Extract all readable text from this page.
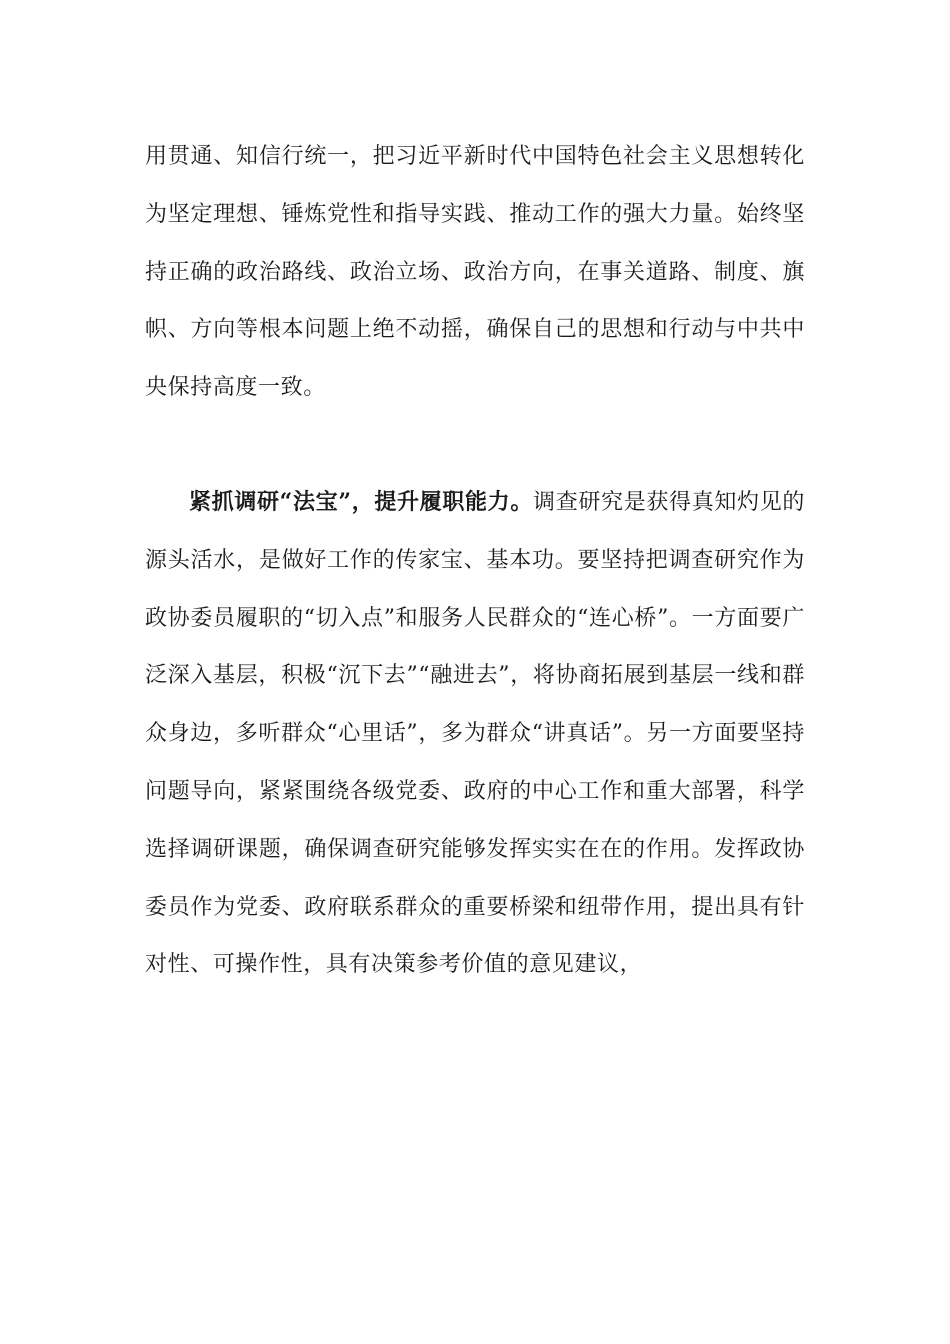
用贯通、知信行统一，把习近平新时代中国特色社会主义思想转化为坚定理想、锤炼党性和指导实践、推动工作的强大力量。始终坚持正确的政治路线、政治立场、政治方向，在事关道路、制度、旗帜、方向等根本问题上绝不动摇，确保自己的思想和行动与中共中央保持高度一致。

紧抓调研“法宝”，提升履职能力。调查研究是获得真知灼见的源头活水，是做好工作的传家宝、基本功。要坚持把调查研究作为政协委员履职的“切入点”和服务人民群众的“连心桥”。一方面要广泛深入基层，积极“沉下去”“融进去”，将协商拓展到基层一线和群众身边，多听群众“心里话”，多为群众“讲真话”。另一方面要坚持问题导向，紧紧围绕各级党委、政府的中心工作和重大部署，科学选择调研课题，确保调查研究能够发挥实实在在的作用。发挥政协委员作为党委、政府联系群众的重要桥梁和纽带作用，提出具有针对性、可操作性，具有决策参考价值的意见建议，
